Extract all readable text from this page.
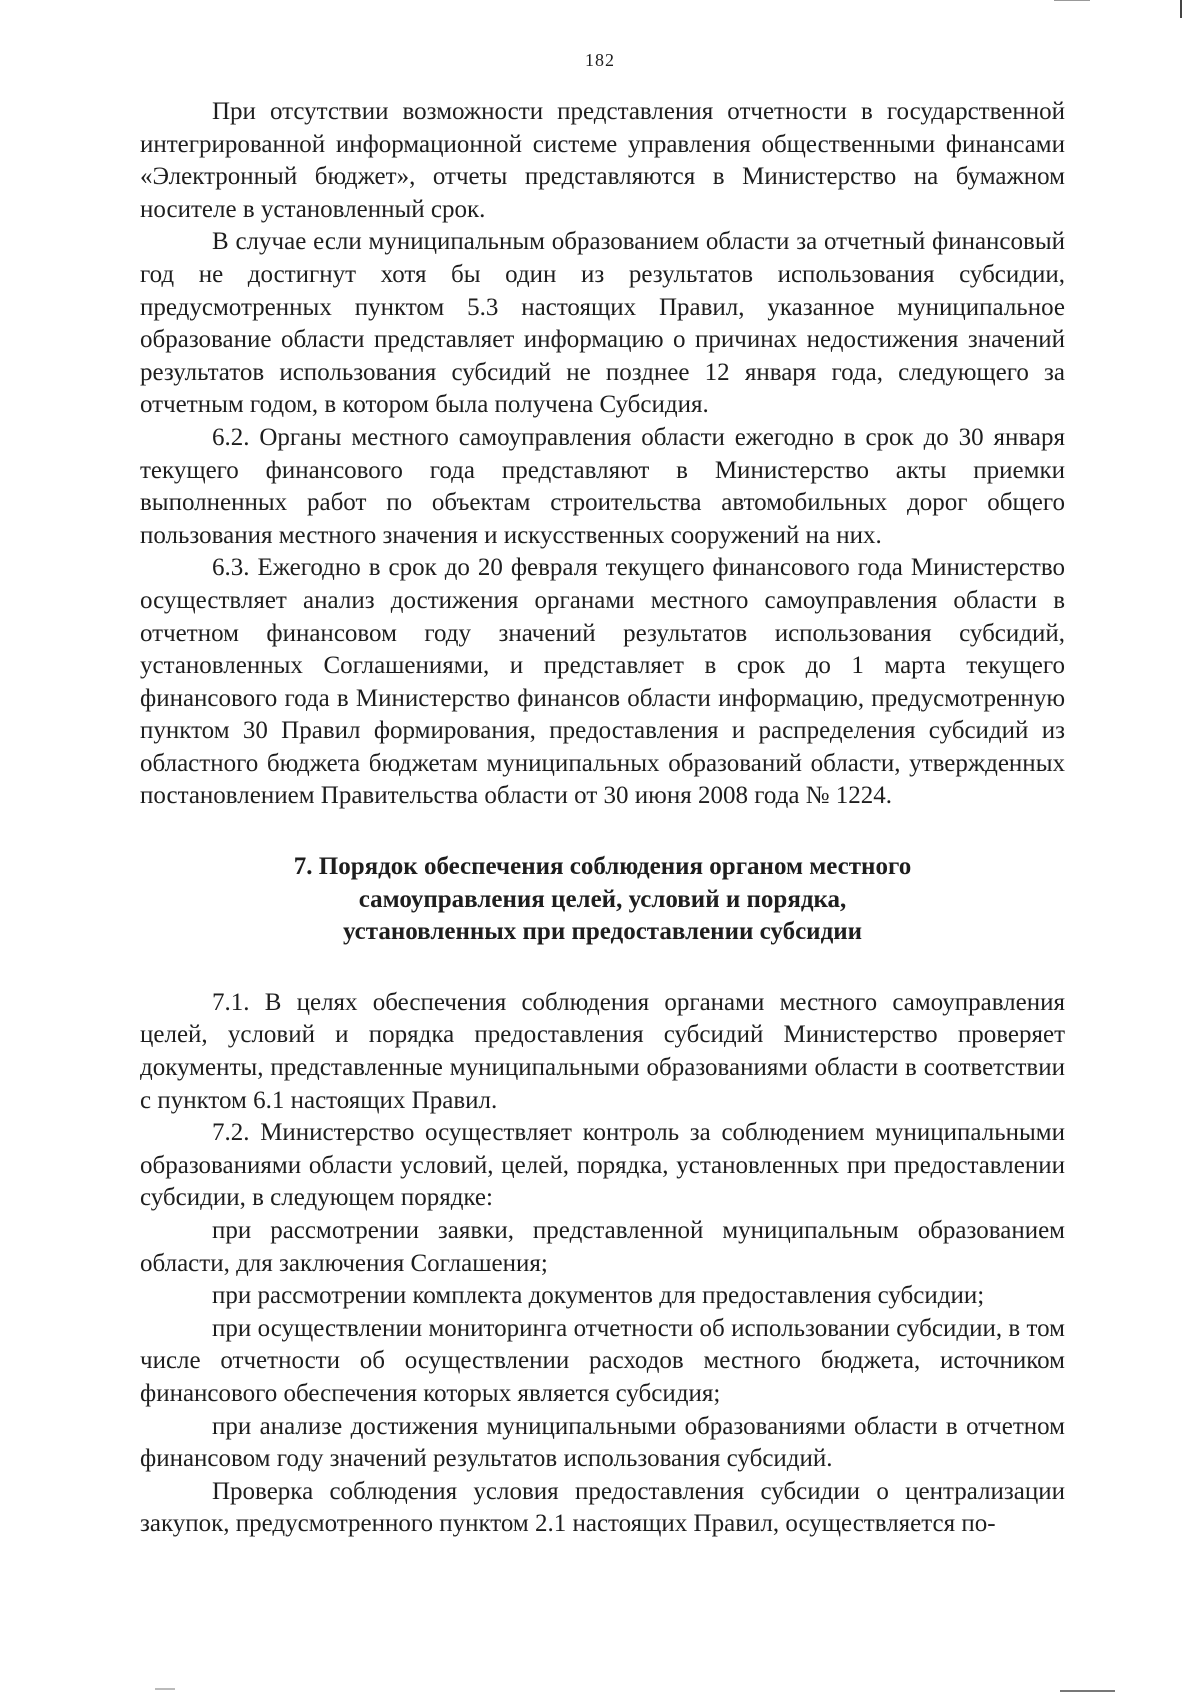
182

При отсутствии возможности представления отчетности в государственной интегрированной информационной системе управления общественными финансами «Электронный бюджет», отчеты представляются в Министерство на бумажном носителе в установленный срок.

В случае если муниципальным образованием области за отчетный финансовый год не достигнут хотя бы один из результатов использования субсидии, предусмотренных пунктом 5.3 настоящих Правил, указанное муниципальное образование области представляет информацию о причинах недостижения значений результатов использования субсидий не позднее 12 января года, следующего за отчетным годом, в котором была получена Субсидия.

6.2. Органы местного самоуправления области ежегодно в срок до 30 января текущего финансового года представляют в Министерство акты приемки выполненных работ по объектам строительства автомобильных дорог общего пользования местного значения и искусственных сооружений на них.

6.3. Ежегодно в срок до 20 февраля текущего финансового года Министерство осуществляет анализ достижения органами местного самоуправления области в отчетном финансовом году значений результатов использования субсидий, установленных Соглашениями, и представляет в срок до 1 марта текущего финансового года в Министерство финансов области информацию, предусмотренную пунктом 30 Правил формирования, предоставления и распределения субсидий из областного бюджета бюджетам муниципальных образований области, утвержденных постановлением Правительства области от 30 июня 2008 года № 1224.

7. Порядок обеспечения соблюдения органом местного
самоуправления целей, условий и порядка,
установленных при предоставлении субсидии

7.1. В целях обеспечения соблюдения органами местного самоуправления целей, условий и порядка предоставления субсидий Министерство проверяет документы, представленные муниципальными образованиями области в соответствии с пунктом 6.1 настоящих Правил.

7.2. Министерство осуществляет контроль за соблюдением муниципальными образованиями области условий, целей, порядка, установленных при предоставлении субсидии, в следующем порядке:

при рассмотрении заявки, представленной муниципальным образованием области, для заключения Соглашения;

при рассмотрении комплекта документов для предоставления субсидии;

при осуществлении мониторинга отчетности об использовании субсидии, в том числе отчетности об осуществлении расходов местного бюджета, источником финансового обеспечения которых является субсидия;

при анализе достижения муниципальными образованиями области в отчетном финансовом году значений результатов использования субсидий.

Проверка соблюдения условия предоставления субсидии о централизации закупок, предусмотренного пунктом 2.1 настоящих Правил, осуществляется по-
